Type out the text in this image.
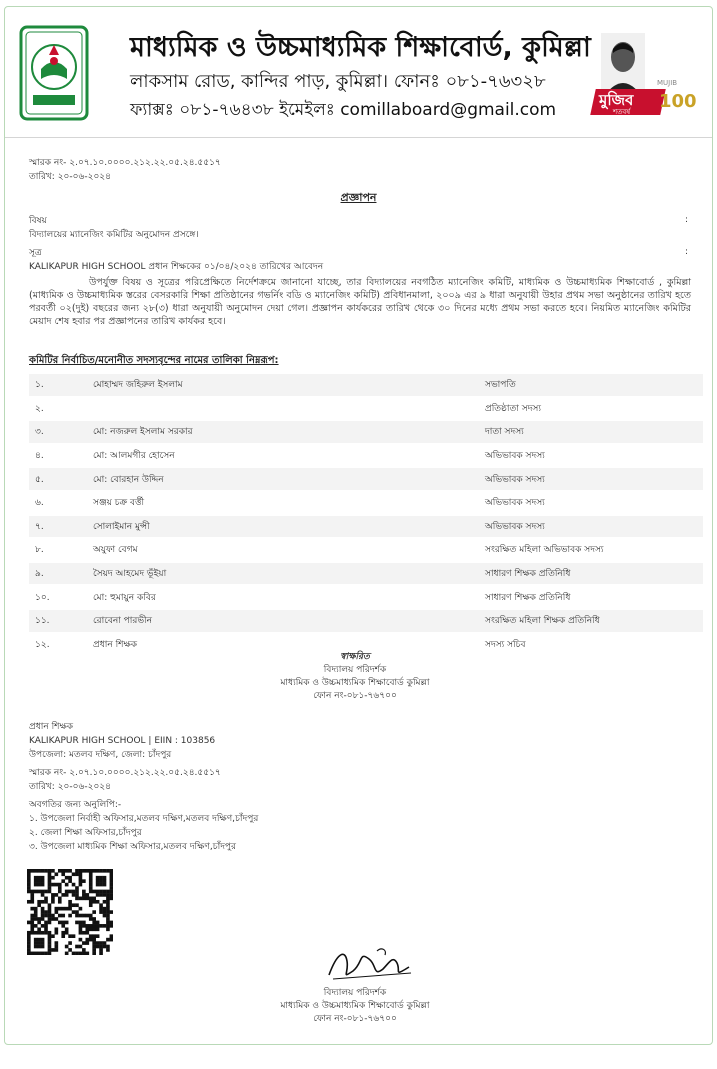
মাধ্যমিক ও উচ্চমাধ্যমিক শিক্ষাবোর্ড, কুমিল্লা
লাকসাম রোড, কান্দির পাড়, কুমিল্লা। ফোনঃ ০৮১-৭৬৩২৮
ফ্যাক্সঃ ০৮১-৭৬৪৩৮ ইমেইলঃ comillaboard@gmail.com	মুজিব
শতবর্ষ
MUJIB
100
স্মারক নং- ২.০৭.১০.০০০০.২১২.২২.০৫.২৪.৫৫১৭
তারিখ: ২০-০৬-২০২৪
প্রজ্ঞাপন
বিষয়	:
বিদ্যালয়ের ম্যানেজিং কমিটির অনুমোদন প্রসঙ্গে।
সূত্র	:
KALIKAPUR HIGH SCHOOL প্রধান শিক্ষকের ০১/০৪/২০২৪ তারিখের আবেদন
উপর্যুক্ত বিষয় ও সূত্রের পরিপ্রেক্ষিতে নির্দেশক্রমে জানানো যাচ্ছে, তার বিদ্যালয়ের নবগঠিত ম্যানেজিং কমিটি, মাধ্যমিক ও উচ্চমাধ্যমিক শিক্ষাবোর্ড , কুমিল্লা (মাধ্যমিক ও উচ্চমাধ্যমিক স্তরের বেসরকারি শিক্ষা প্রতিষ্ঠানের গভর্নিং বডি ও ম্যানেজিং কমিটি) প্রবিধানমালা, ২০০৯ এর ৯ ধারা অনুযায়ী উহার প্রথম সভা অনুষ্ঠানের তারিখ হতে পরবর্তী ০২(দুই) বছরের জন্য ২৮(৩) ধারা অনুযায়ী অনুমোদন দেয়া গেল। প্রজ্ঞাপন কার্যকরের তারিখ থেকে ৩০ দিনের মধ্যে প্রথম সভা করতে হবে। নিয়মিত ম্যানেজিং কমিটির মেয়াদ শেষ হবার পর প্রজ্ঞাপনের তারিখ কার্যকর হবে।
কমিটির নির্বাচিত/মনোনীত সদস্যবৃন্দের নামের তালিকা নিম্নরূপ:
১.	মোহাম্মদ জহিরুল ইসলাম	সভাপতি
২.		প্রতিষ্ঠাতা সদস্য
৩.	মো: নজরুল ইসলাম সরকার	দাতা সদস্য
৪.	মো: আলমগীর হোসেন	অভিভাবক সদস্য
৫.	মো: বোরহান উদ্দিন	অভিভাবক সদস্য
৬.	সঞ্জয় চক্র বর্ত্তী	অভিভাবক সদস্য
৭.	সোলাইমান মুন্সী	অভিভাবক সদস্য
৮.	অযুফা বেগম	সংরক্ষিত মহিলা অভিভাবক সদস্য
৯.	সৈয়দ আহমেদ ভূঁইয়া	সাধারণ শিক্ষক প্রতিনিধি
১০.	মো: হুমায়ুন কবির	সাধারণ শিক্ষক প্রতিনিধি
১১.	রোবেনা পারভীন	সংরক্ষিত মহিলা শিক্ষক প্রতিনিধি
১২.	প্রধান শিক্ষক	সদস্য সচিব
স্বাক্ষরিত
বিদ্যালয় পরিদর্শক
মাধ্যমিক ও উচ্চমাধ্যমিক শিক্ষাবোর্ড কুমিল্লা
ফোন নং-০৮১-৭৬৭০০
প্রধান শিক্ষক
KALIKAPUR HIGH SCHOOL | EIIN : 103856
উপজেলা: মতলব দক্ষিণ, জেলা: চাঁদপুর
স্মারক নং- ২.০৭.১০.০০০০.২১২.২২.০৫.২৪.৫৫১৭
তারিখ: ২০-০৬-২০২৪
অবগতির জন্য অনুলিপি:-
১. উপজেলা নির্বাহী অফিসার,মতলব দক্ষিণ,মতলব দক্ষিণ,চাঁদপুর
২. জেলা শিক্ষা অফিসার,চাঁদপুর
৩. উপজেলা মাধ্যমিক শিক্ষা অফিসার,মতলব দক্ষিণ,চাঁদপুর
বিদ্যালয় পরিদর্শক
মাধ্যমিক ও উচ্চমাধ্যমিক শিক্ষাবোর্ড কুমিল্লা
ফোন নং-০৮১-৭৬৭০০
